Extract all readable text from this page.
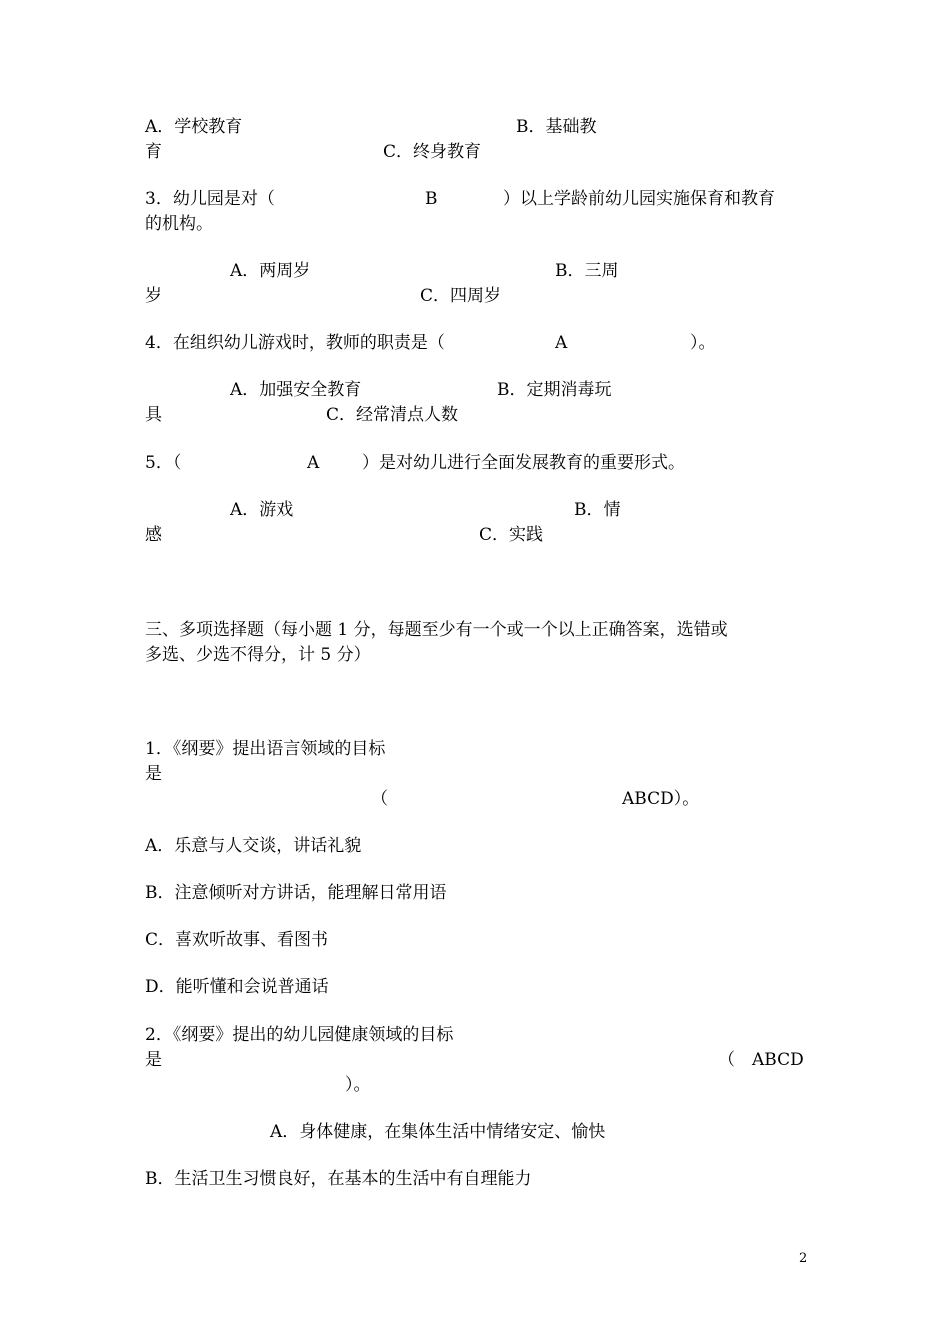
A．学校教育	B．基础教
育	C．终身教育
3．幼儿园是对（	B	）以上学龄前幼儿园实施保育和教育
的机构。
A．两周岁	B．三周
岁	C．四周岁
4．在组织幼儿游戏时，教师的职责是（	A	）。
A．加强安全教育	B．定期消毒玩
具	C．经常清点人数
5．（	A	）是对幼儿进行全面发展教育的重要形式。
A．游戏	B．情
感	C．实践
三、多项选择题（每小题 1 分，每题至少有一个或一个以上正确答案，选错或
多选、少选不得分，计 5 分）
1．《纲要》提出语言领域的目标
是
（	ABCD）。
A．乐意与人交谈，讲话礼貌
B．注意倾听对方讲话，能理解日常用语
C．喜欢听故事、看图书
D．能听懂和会说普通话
2．《纲要》提出的幼儿园健康领域的目标
是	（　ABCD
）。
A．身体健康，在集体生活中情绪安定、愉快
B．生活卫生习惯良好，在基本的生活中有自理能力
2
